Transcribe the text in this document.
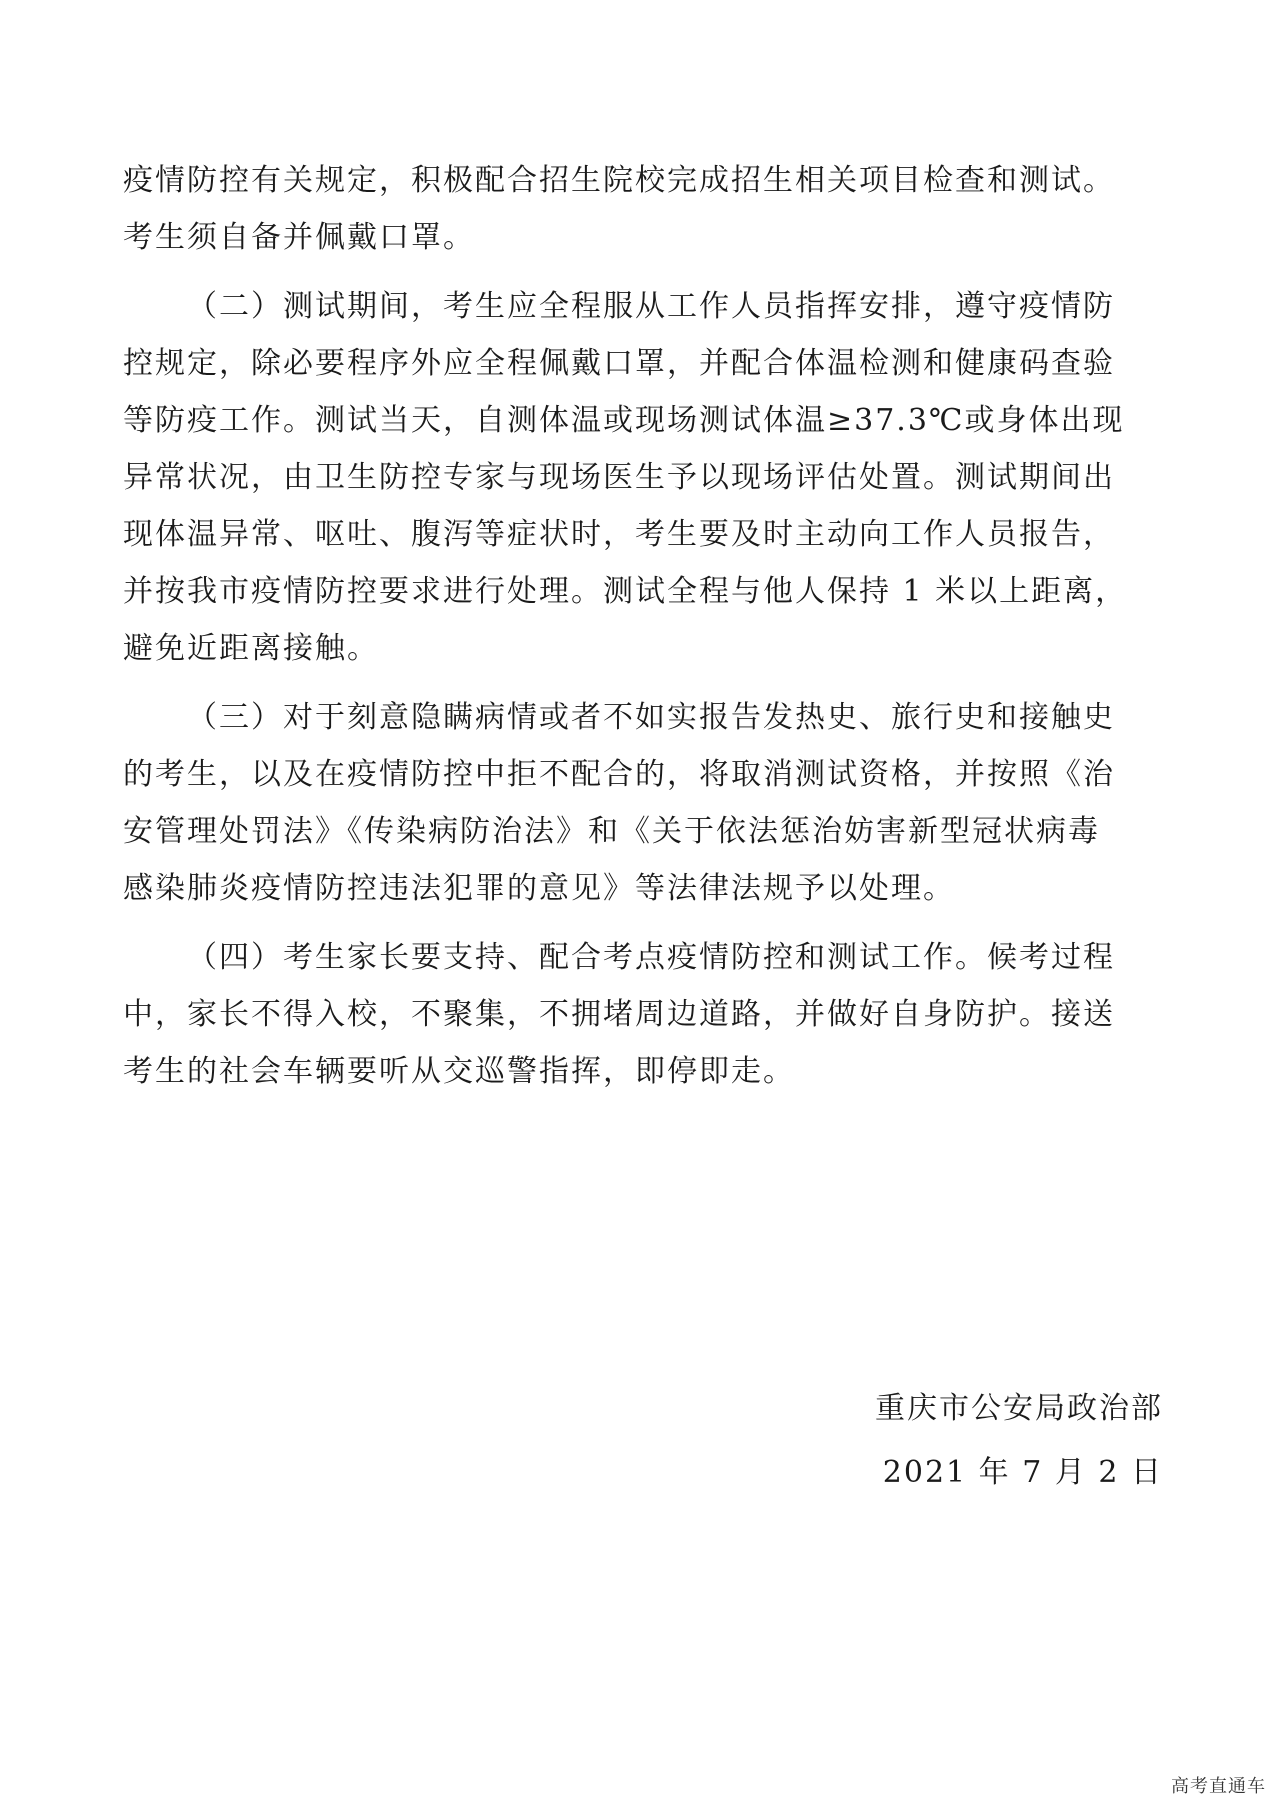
疫情防控有关规定，积极配合招生院校完成招生相关项目检查和测试。
考生须自备并佩戴口罩。

（二）测试期间，考生应全程服从工作人员指挥安排，遵守疫情防
控规定，除必要程序外应全程佩戴口罩，并配合体温检测和健康码查验
等防疫工作。测试当天，自测体温或现场测试体温≥37.3℃或身体出现
异常状况，由卫生防控专家与现场医生予以现场评估处置。测试期间出
现体温异常、呕吐、腹泻等症状时，考生要及时主动向工作人员报告，
并按我市疫情防控要求进行处理。测试全程与他人保持 1 米以上距离，
避免近距离接触。

（三）对于刻意隐瞒病情或者不如实报告发热史、旅行史和接触史
的考生，以及在疫情防控中拒不配合的，将取消测试资格，并按照《治
安管理处罚法》《传染病防治法》和《关于依法惩治妨害新型冠状病毒
感染肺炎疫情防控违法犯罪的意见》等法律法规予以处理。

（四）考生家长要支持、配合考点疫情防控和测试工作。候考过程
中，家长不得入校，不聚集，不拥堵周边道路，并做好自身防护。接送
考生的社会车辆要听从交巡警指挥，即停即走。

重庆市公安局政治部
2021 年 7 月 2 日
高考直通车
